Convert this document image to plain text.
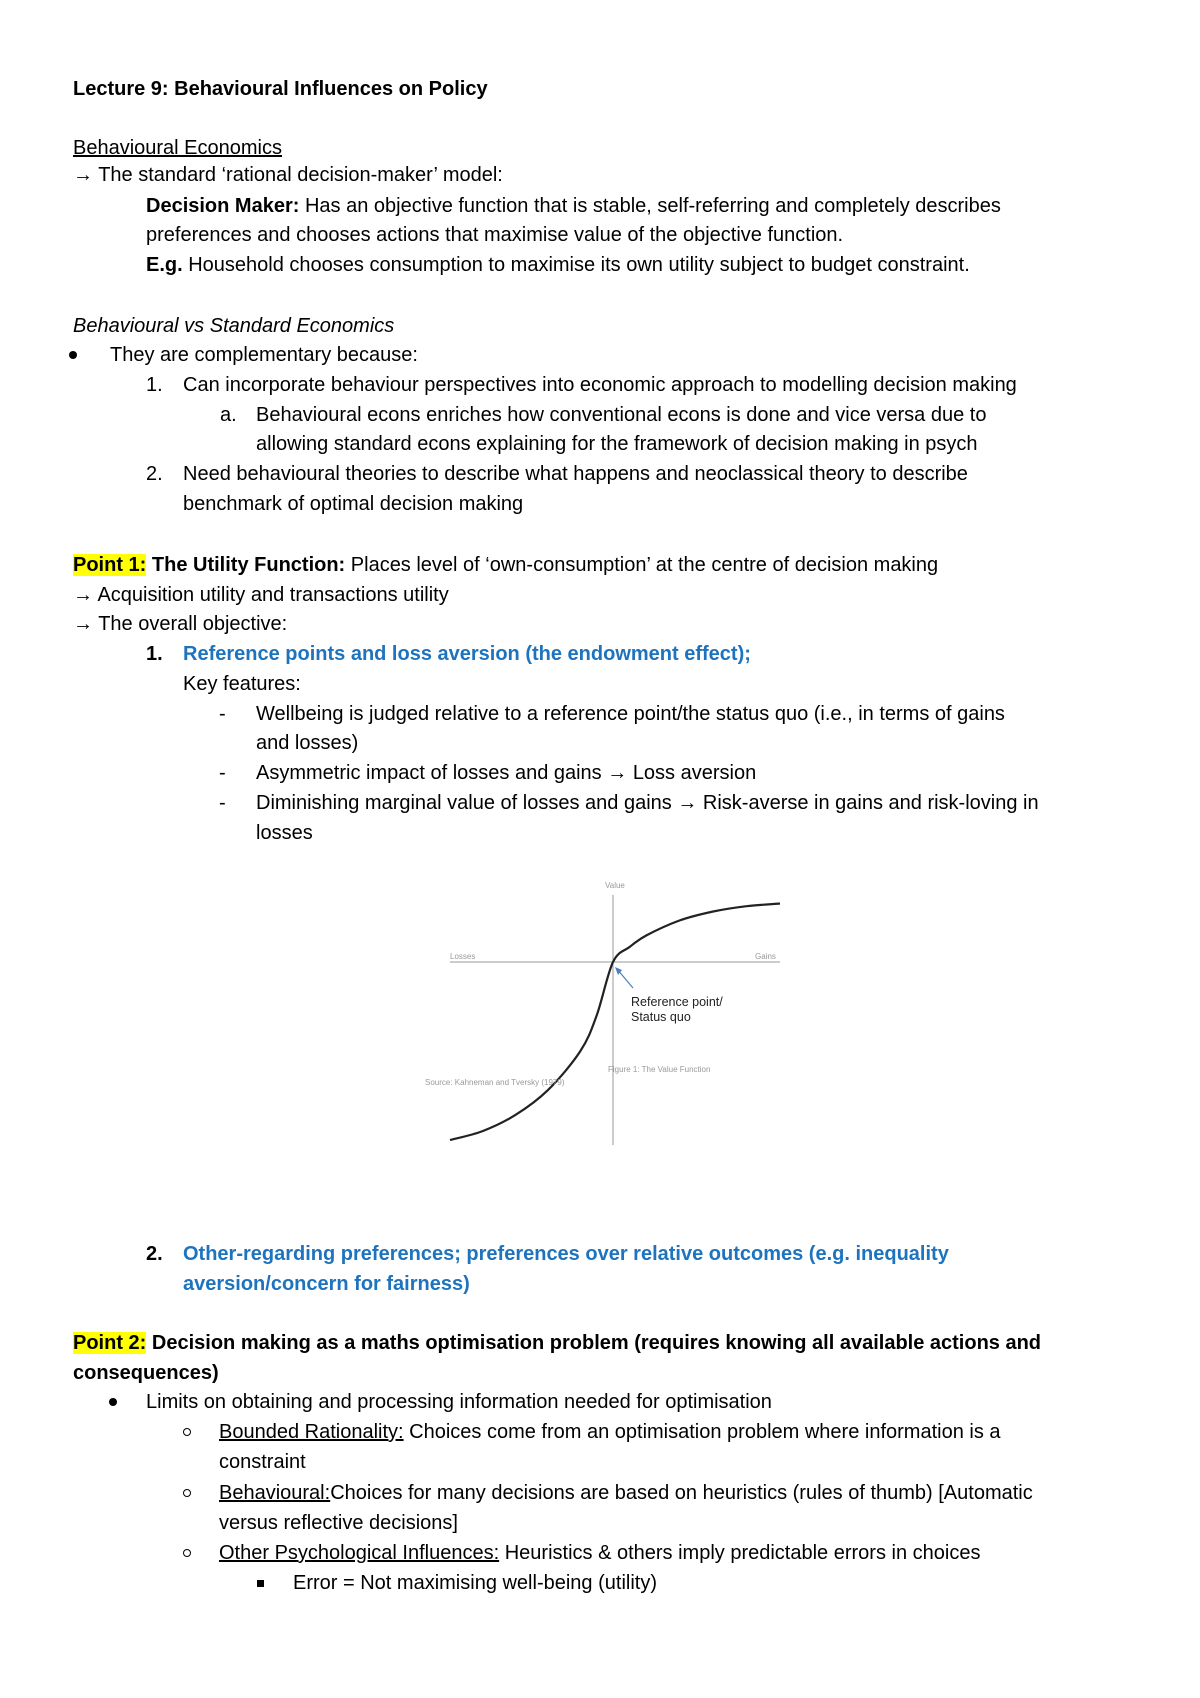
Lecture 9: Behavioural Influences on Policy
Behavioural Economics
→ The standard ‘rational decision-maker’ model:
Decision Maker: Has an objective function that is stable, self-referring and completely describes
preferences and chooses actions that maximise value of the objective function.
E.g. Household chooses consumption to maximise its own utility subject to budget constraint.
Behavioural vs Standard Economics
They are complementary because:
1. Can incorporate behaviour perspectives into economic approach to modelling decision making
a. Behavioural econs enriches how conventional econs is done and vice versa due to
allowing standard econs explaining for the framework of decision making in psych
2. Need behavioural theories to describe what happens and neoclassical theory to describe
benchmark of optimal decision making
Point 1: The Utility Function: Places level of ‘own-consumption’ at the centre of decision making
→ Acquisition utility and transactions utility
→ The overall objective:
1. Reference points and loss aversion (the endowment effect);
Key features:
- Wellbeing is judged relative to a reference point/the status quo (i.e., in terms of gains
and losses)
- Asymmetric impact of losses and gains → Loss aversion
- Diminishing marginal value of losses and gains → Risk-averse in gains and risk-loving in
losses
Losses	Gains
Value
Reference point/
Status quo
Figure 1: The Value Function
Source: Kahneman and Tversky (1979)
2. Other-regarding preferences; preferences over relative outcomes (e.g. inequality
aversion/concern for fairness)
Point 2: Decision making as a maths optimisation problem (requires knowing all available actions and
consequences)
Limits on obtaining and processing information needed for optimisation
Bounded Rationality: Choices come from an optimisation problem where information is a
constraint
Behavioural:Choices for many decisions are based on heuristics (rules of thumb) [Automatic
versus reflective decisions]
Other Psychological Influences: Heuristics & others imply predictable errors in choices
Error = Not maximising well-being (utility)
